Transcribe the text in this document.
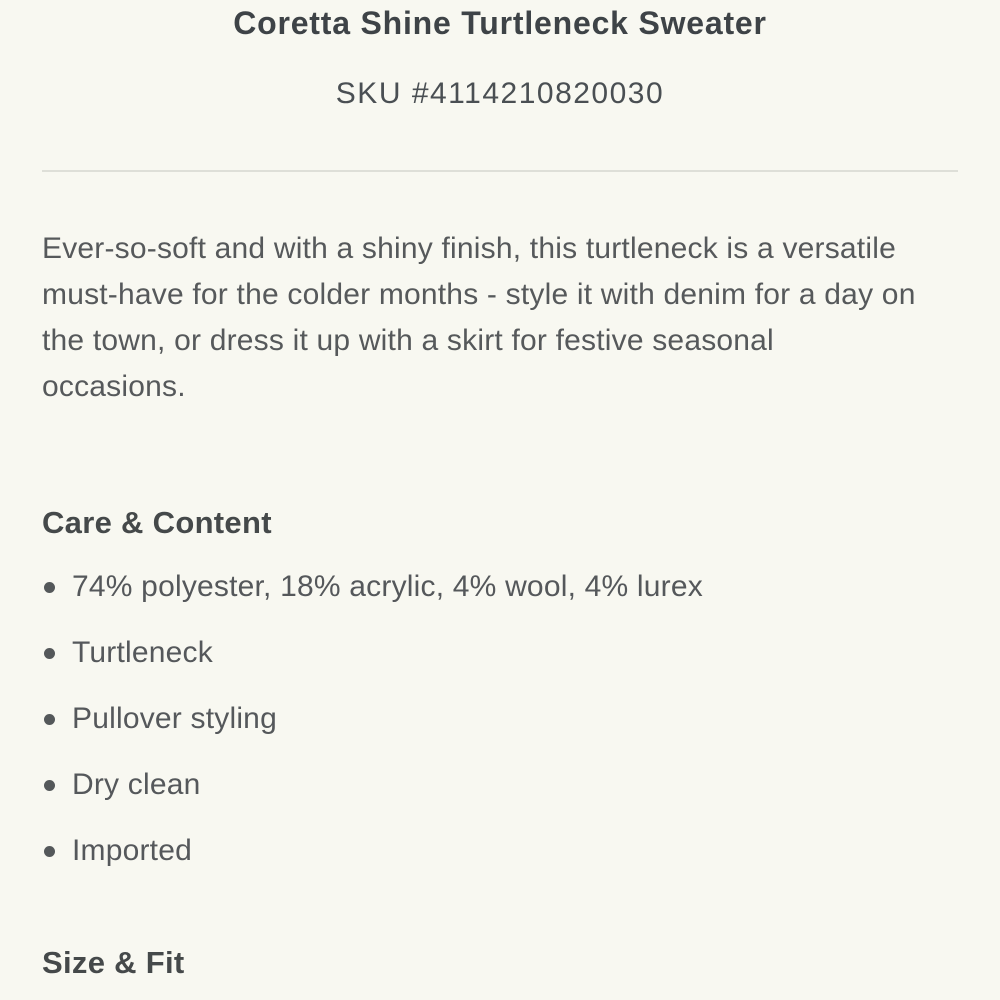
Coretta Shine Turtleneck Sweater
SKU #4114210820030

Ever-so-soft and with a shiny finish, this turtleneck is a versatile must-have for the colder months - style it with denim for a day on the town, or dress it up with a skirt for festive seasonal occasions.

Care & Content
74% polyester, 18% acrylic, 4% wool, 4% lurex
Turtleneck
Pullover styling
Dry clean
Imported
Size & Fit
